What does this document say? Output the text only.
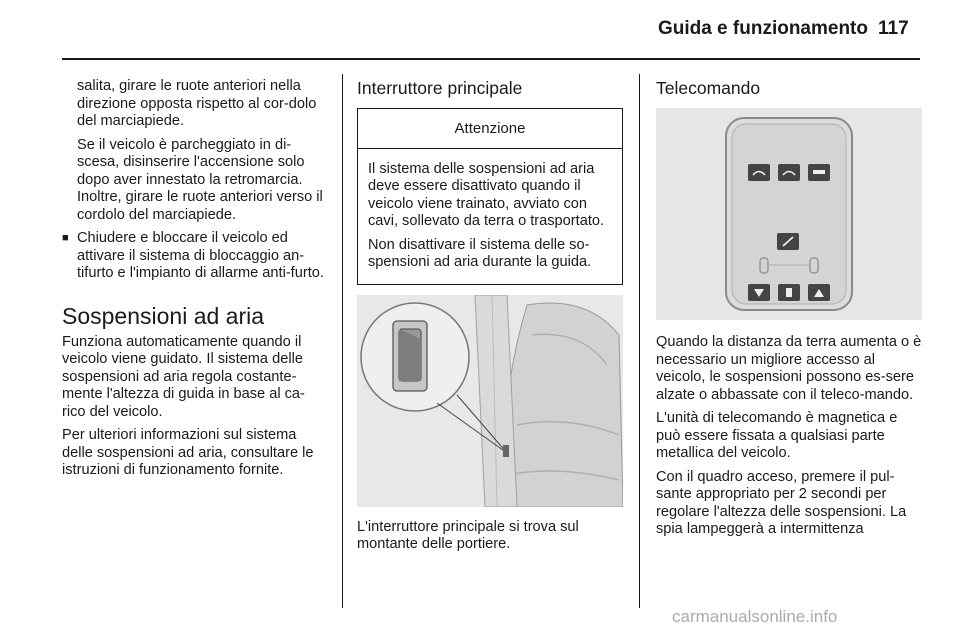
Guida e funzionamento 117

salita, girare le ruote anteriori nella direzione opposta rispetto al cor-dolo del marciapiede.

Se il veicolo è parcheggiato in di-scesa, disinserire l'accensione solo dopo aver innestato la retromarcia. Inoltre, girare le ruote anteriori verso il cordolo del marciapiede.

■ Chiudere e bloccare il veicolo ed attivare il sistema di bloccaggio an-tifurto e l'impianto di allarme anti-furto.

Sospensioni ad aria

Funziona automaticamente quando il veicolo viene guidato. Il sistema delle sospensioni ad aria regola costante-mente l'altezza di guida in base al ca-rico del veicolo.

Per ulteriori informazioni sul sistema delle sospensioni ad aria, consultare le istruzioni di funzionamento fornite.

Interruttore principale
Attenzione

Il sistema delle sospensioni ad aria deve essere disattivato quando il veicolo viene trainato, avviato con cavi, sollevato da terra o trasportato.

Non disattivare il sistema delle so-spensioni ad aria durante la guida.

L'interruttore principale si trova sul montante delle portiere.

Telecomando

Quando la distanza da terra aumenta o è necessario un migliore accesso al veicolo, le sospensioni possono es-sere alzate o abbassate con il teleco-mando.

L'unità di telecomando è magnetica e può essere fissata a qualsiasi parte metallica del veicolo.

Con il quadro acceso, premere il pul-sante appropriato per 2 secondi per regolare l'altezza delle sospensioni. La spia lampeggerà a intermittenza

carmanualsonline.info
